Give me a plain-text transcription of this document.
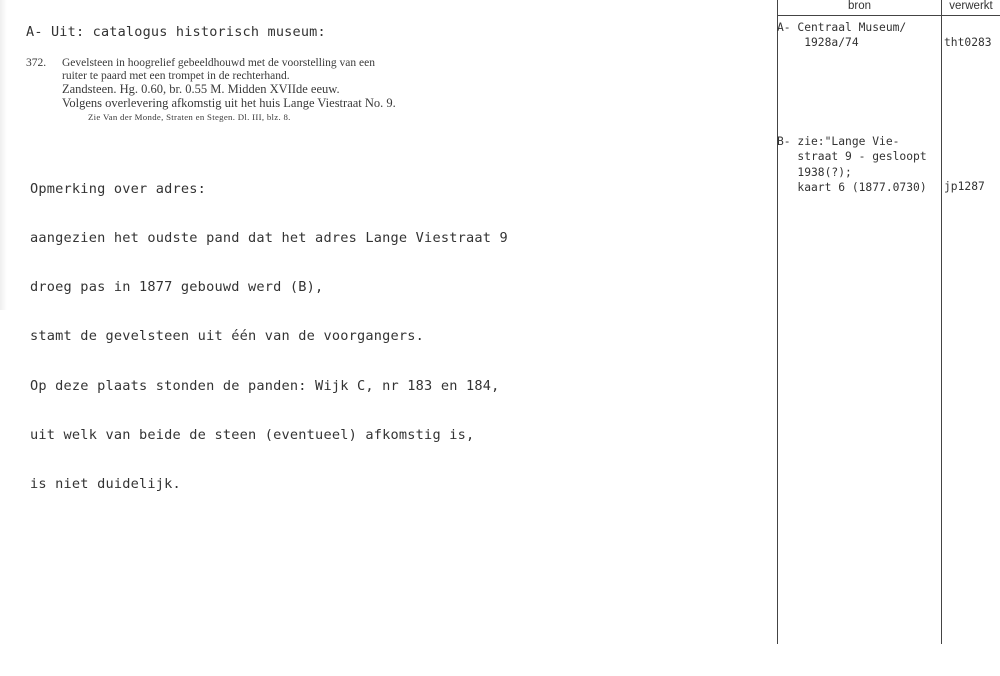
A- Uit: catalogus historisch museum:
372. Gevelsteen in hoogrelief gebeeldhouwd met de voorstelling van een
ruiter te paard met een trompet in de rechterhand.
Zandsteen. Hg. 0.60, br. 0.55 M. Midden XVIIde eeuw.
Volgens overlevering afkomstig uit het huis Lange Viestraat No. 9.
Zie Van der Monde, Straten en Stegen. Dl. III, blz. 8.

Opmerking over adres:

aangezien het oudste pand dat het adres Lange Viestraat 9

droeg pas in 1877 gebouwd werd (B),

stamt de gevelsteen uit één van de voorgangers.

Op deze plaats stonden de panden: Wijk C, nr 183 en 184,

uit welk van beide de steen (eventueel) afkomstig is,

is niet duidelijk.

bron	verwerkt
A- Centraal Museum/
1928a/74	tht0283
B- zie:"Lange Vie-
straat 9 - gesloopt
1938(?);
kaart 6 (1877.0730) jp1287
